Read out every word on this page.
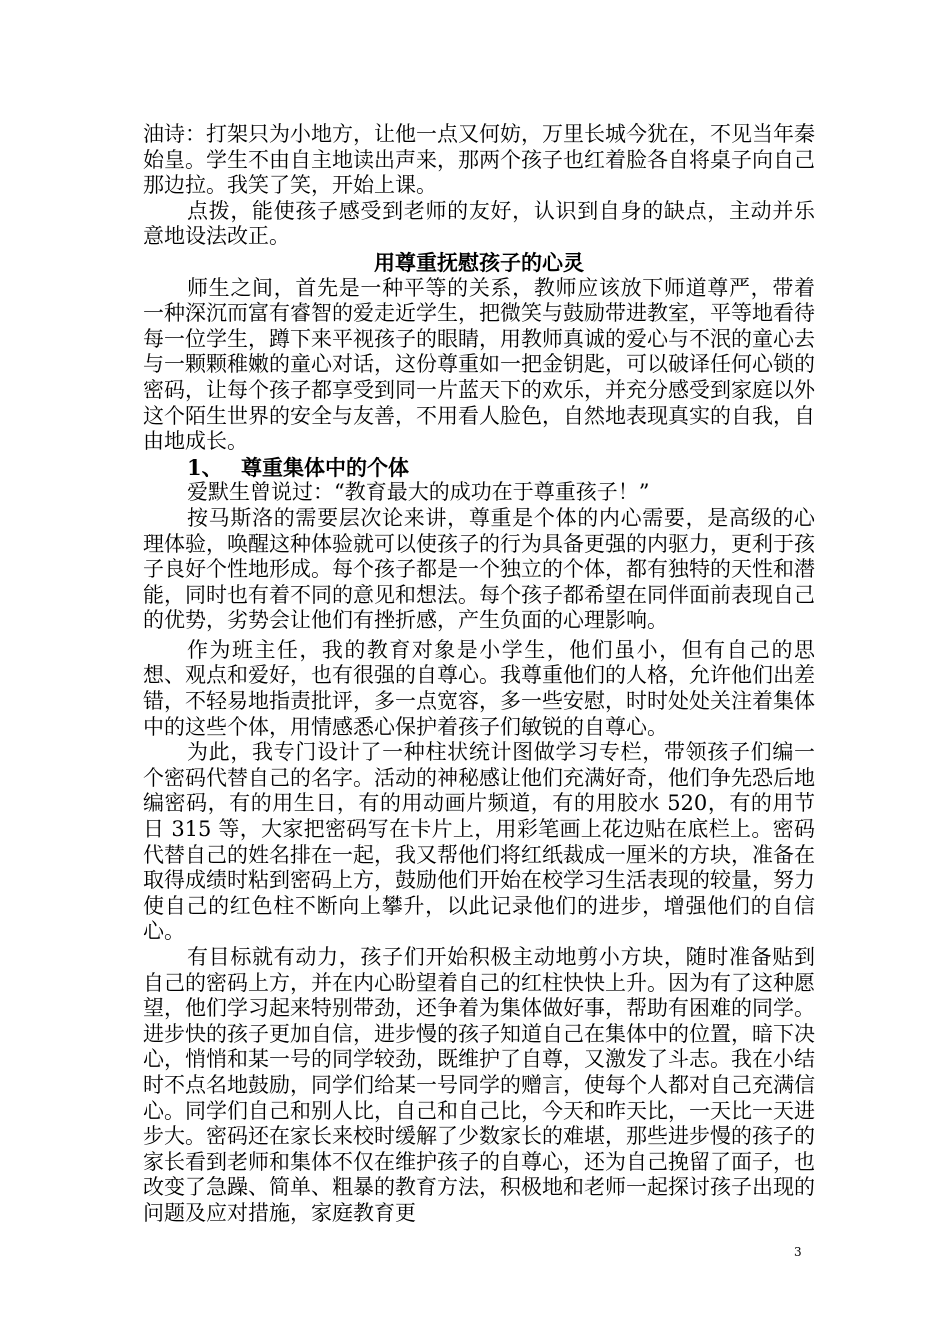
油诗：打架只为小地方，让他一点又何妨，万里长城今犹在，不见当年秦始皇。学生不由自主地读出声来，那两个孩子也红着脸各自将桌子向自己那边拉。我笑了笑，开始上课。

点拨，能使孩子感受到老师的友好，认识到自身的缺点，主动并乐意地设法改正。

用尊重抚慰孩子的心灵

师生之间，首先是一种平等的关系，教师应该放下师道尊严，带着一种深沉而富有睿智的爱走近学生，把微笑与鼓励带进教室，平等地看待每一位学生，蹲下来平视孩子的眼睛，用教师真诚的爱心与不泯的童心去与一颗颗稚嫩的童心对话，这份尊重如一把金钥匙，可以破译任何心锁的密码，让每个孩子都享受到同一片蓝天下的欢乐，并充分感受到家庭以外这个陌生世界的安全与友善，不用看人脸色，自然地表现真实的自我，自由地成长。

1、 尊重集体中的个体

爱默生曾说过：“教育最大的成功在于尊重孩子！”

按马斯洛的需要层次论来讲，尊重是个体的内心需要，是高级的心理体验，唤醒这种体验就可以使孩子的行为具备更强的内驱力，更利于孩子良好个性地形成。每个孩子都是一个独立的个体，都有独特的天性和潜能，同时也有着不同的意见和想法。每个孩子都希望在同伴面前表现自己的优势，劣势会让他们有挫折感，产生负面的心理影响。

作为班主任，我的教育对象是小学生，他们虽小，但有自己的思想、观点和爱好，也有很强的自尊心。我尊重他们的人格，允许他们出差错，不轻易地指责批评，多一点宽容，多一些安慰，时时处处关注着集体中的这些个体，用情感悉心保护着孩子们敏锐的自尊心。

为此，我专门设计了一种柱状统计图做学习专栏，带领孩子们编一个密码代替自己的名字。活动的神秘感让他们充满好奇，他们争先恐后地编密码，有的用生日，有的用动画片频道，有的用胶水 520，有的用节日 315 等，大家把密码写在卡片上，用彩笔画上花边贴在底栏上。密码代替自己的姓名排在一起，我又帮他们将红纸裁成一厘米的方块，准备在取得成绩时粘到密码上方，鼓励他们开始在校学习生活表现的较量，努力使自己的红色柱不断向上攀升，以此记录他们的进步，增强他们的自信心。

有目标就有动力，孩子们开始积极主动地剪小方块，随时准备贴到自己的密码上方，并在内心盼望着自己的红柱快快上升。因为有了这种愿望，他们学习起来特别带劲，还争着为集体做好事，帮助有困难的同学。进步快的孩子更加自信，进步慢的孩子知道自己在集体中的位置，暗下决心，悄悄和某一号的同学较劲，既维护了自尊，又激发了斗志。我在小结时不点名地鼓励，同学们给某一号同学的赠言，使每个人都对自己充满信心。同学们自己和别人比，自己和自己比，今天和昨天比，一天比一天进步大。密码还在家长来校时缓解了少数家长的难堪，那些进步慢的孩子的家长看到老师和集体不仅在维护孩子的自尊心，还为自己挽留了面子，也改变了急躁、简单、粗暴的教育方法，积极地和老师一起探讨孩子出现的问题及应对措施，家庭教育更

3
